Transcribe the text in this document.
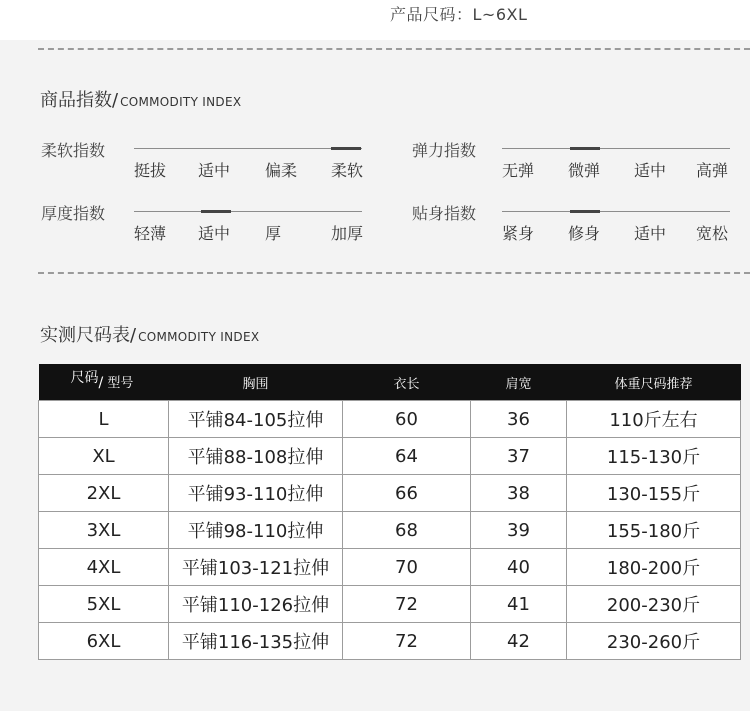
产品尺码：L~6XL
商品指数/ COMMODITY INDEX
柔软指数
挺拔 适中 偏柔 柔软
弹力指数
无弹 微弹 适中 高弹
厚度指数
轻薄 适中 厚	加厚
贴身指数
紧身 修身 适中 宽松
实测尺码表/ COMMODITY INDEX
尺码/ 型号	胸围	衣长	肩宽	体重尺码推荐
L	平铺84-105拉伸	60	36	110斤左右
XL	平铺88-108拉伸	64	37	115-130斤
2XL	平铺93-110拉伸	66	38	130-155斤
3XL	平铺98-110拉伸	68	39	155-180斤
4XL	平铺103-121拉伸	70	40	180-200斤
5XL	平铺110-126拉伸	72	41	200-230斤
6XL	平铺116-135拉伸	72	42	230-260斤
